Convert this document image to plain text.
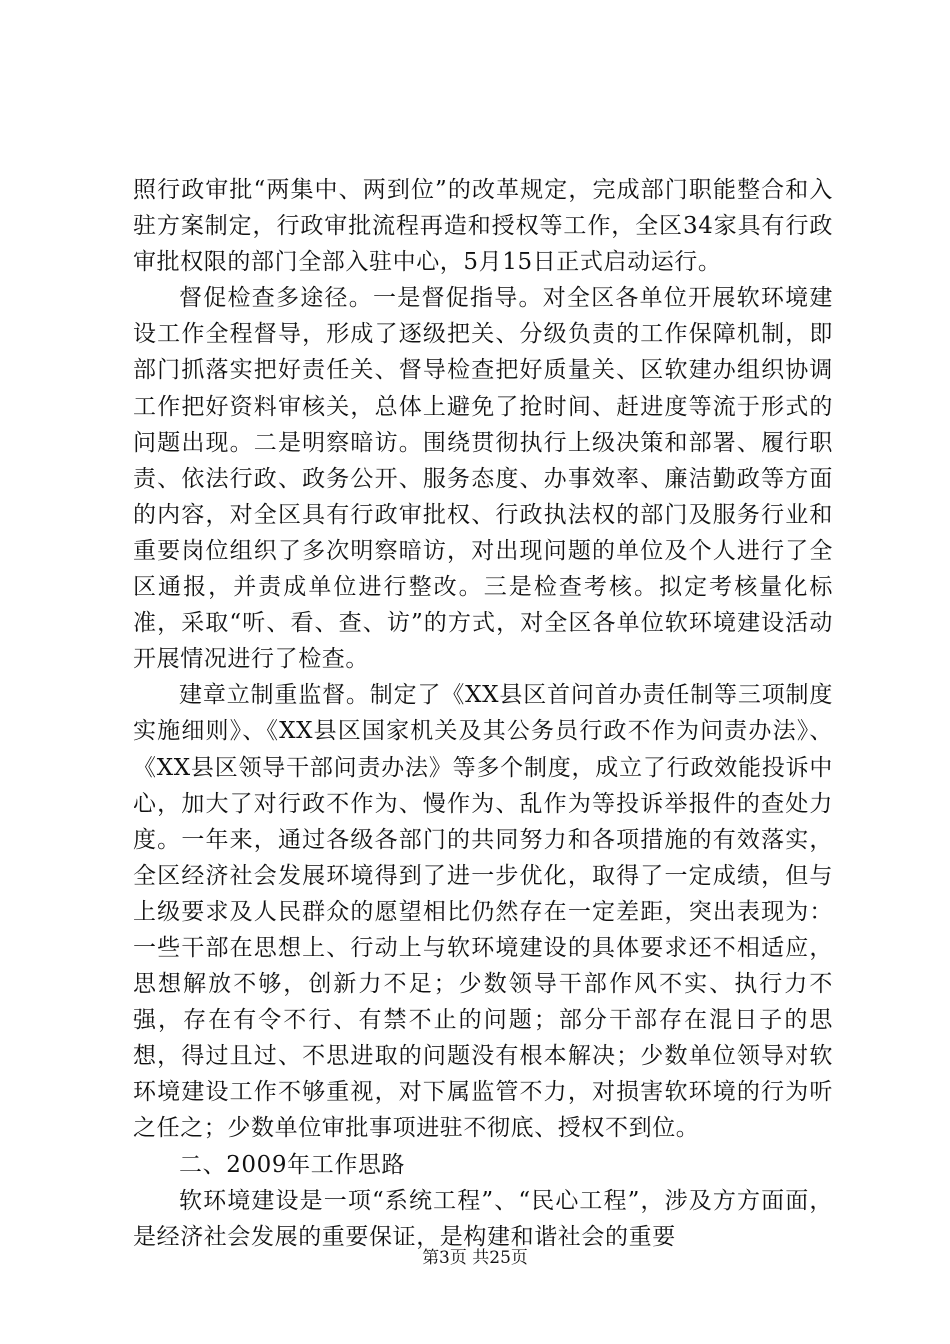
照行政审批“两集中、两到位”的改革规定，完成部门职能整合和入驻方案制定，行政审批流程再造和授权等工作，全区34家具有行政审批权限的部门全部入驻中心，5月15日正式启动运行。

督促检查多途径。一是督促指导。对全区各单位开展软环境建设工作全程督导，形成了逐级把关、分级负责的工作保障机制，即部门抓落实把好责任关、督导检查把好质量关、区软建办组织协调工作把好资料审核关，总体上避免了抢时间、赶进度等流于形式的问题出现。二是明察暗访。围绕贯彻执行上级决策和部署、履行职责、依法行政、政务公开、服务态度、办事效率、廉洁勤政等方面的内容，对全区具有行政审批权、行政执法权的部门及服务行业和重要岗位组织了多次明察暗访，对出现问题的单位及个人进行了全区通报，并责成单位进行整改。三是检查考核。拟定考核量化标准，采取“听、看、查、访”的方式，对全区各单位软环境建设活动开展情况进行了检查。

建章立制重监督。制定了《XX县区首问首办责任制等三项制度实施细则》、《XX县区国家机关及其公务员行政不作为问责办法》、《XX县区领导干部问责办法》等多个制度，成立了行政效能投诉中心，加大了对行政不作为、慢作为、乱作为等投诉举报件的查处力度。一年来，通过各级各部门的共同努力和各项措施的有效落实，全区经济社会发展环境得到了进一步优化，取得了一定成绩，但与上级要求及人民群众的愿望相比仍然存在一定差距，突出表现为：一些干部在思想上、行动上与软环境建设的具体要求还不相适应，思想解放不够，创新力不足；少数领导干部作风不实、执行力不强，存在有令不行、有禁不止的问题；部分干部存在混日子的思想，得过且过、不思进取的问题没有根本解决；少数单位领导对软环境建设工作不够重视，对下属监管不力，对损害软环境的行为听之任之；少数单位审批事项进驻不彻底、授权不到位。

二、2009年工作思路

软环境建设是一项“系统工程”、“民心工程”，涉及方方面面，是经济社会发展的重要保证，是构建和谐社会的重要

第3页 共25页
